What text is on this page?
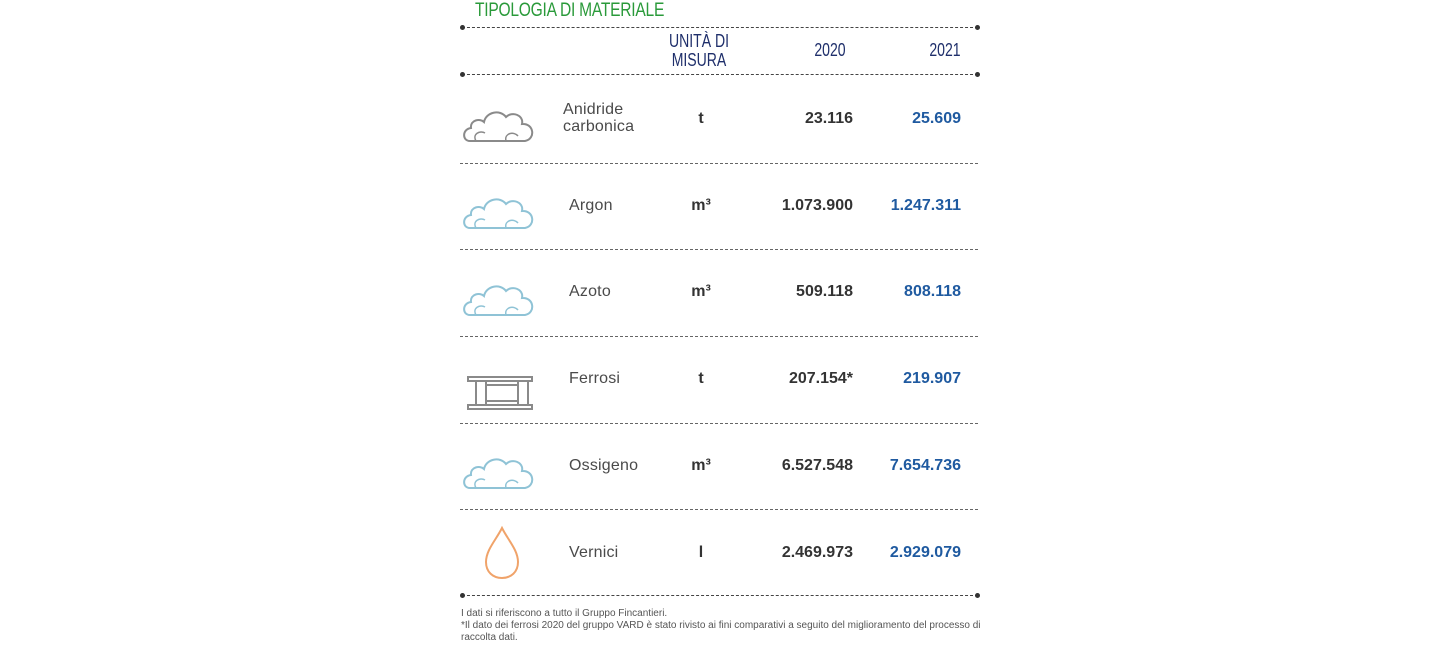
TIPOLOGIA DI MATERIALE
UNITÀ DI
MISURA	2020	2021
Anidride
carbonica	t	23.116	25.609
Argon	m³	1.073.900 1.247.311
Azoto	m³	509.118	808.118
Ferrosi	t	207.154*	219.907
Ossigeno	m³	6.527.548 7.654.736
Vernici	l	2.469.973 2.929.079
I dati si riferiscono a tutto il Gruppo Fincantieri.
*Il dato dei ferrosi 2020 del gruppo VARD è stato rivisto ai fini comparativi a seguito del miglioramento del processo di raccolta dati.
